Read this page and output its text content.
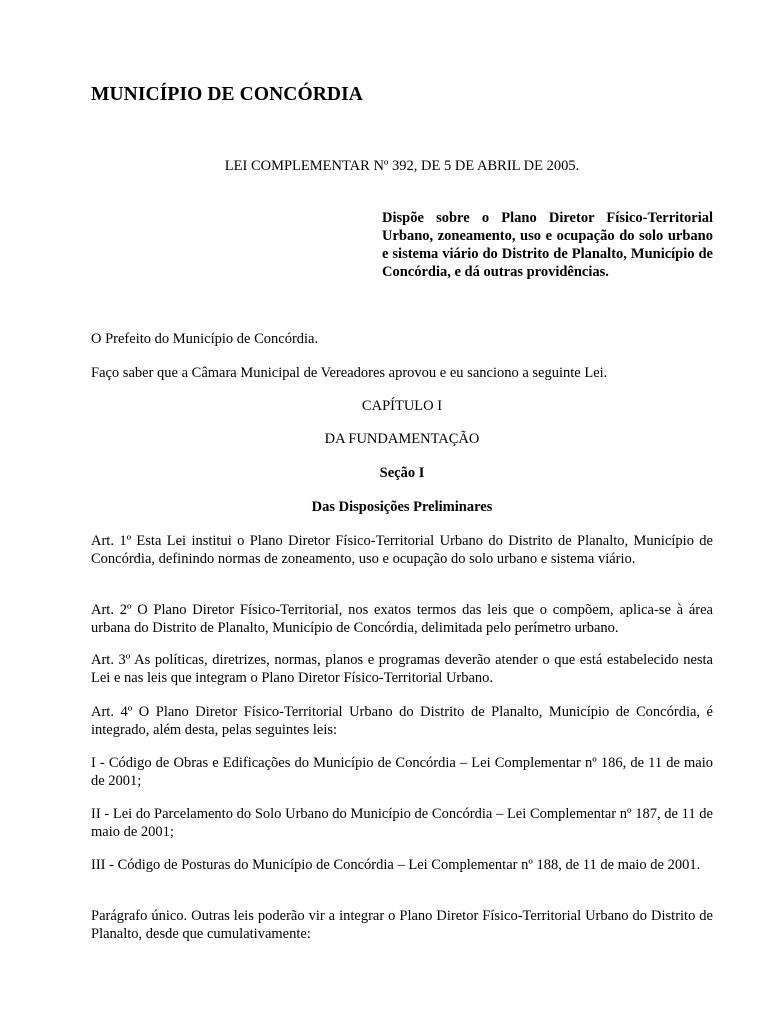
MUNICÍPIO DE CONCÓRDIA
LEI COMPLEMENTAR Nº 392, DE 5 DE ABRIL DE 2005.
Dispõe sobre o Plano Diretor Físico-Territorial Urbano, zoneamento, uso e ocupação do solo urbano e sistema viário do Distrito de Planalto, Município de Concórdia, e dá outras providências.
O Prefeito do Município de Concórdia.
Faço saber que a Câmara Municipal de Vereadores aprovou e eu sanciono a seguinte Lei.
CAPÍTULO I
DA FUNDAMENTAÇÃO
Seção I
Das Disposições Preliminares
Art. 1º Esta Lei institui o Plano Diretor Físico-Territorial Urbano do Distrito de Planalto, Município de Concórdia, definindo normas de zoneamento, uso e ocupação do solo urbano e sistema viário.
Art. 2º O Plano Diretor Físico-Territorial, nos exatos termos das leis que o compõem, aplica-se à área urbana do Distrito de Planalto, Município de Concórdia, delimitada pelo perímetro urbano.
Art. 3º As políticas, diretrizes, normas, planos e programas deverão atender o que está estabelecido nesta Lei e nas leis que integram o Plano Diretor Físico-Territorial Urbano.
Art. 4º O Plano Diretor Físico-Territorial Urbano do Distrito de Planalto, Município de Concórdia, é integrado, além desta, pelas seguintes leis:
I - Código de Obras e Edificações do Município de Concórdia – Lei Complementar nº 186, de 11 de maio de 2001;
II - Lei do Parcelamento do Solo Urbano do Município de Concórdia – Lei Complementar nº 187, de 11 de maio de 2001;
III - Código de Posturas do Município de Concórdia – Lei Complementar nº 188, de 11 de maio de 2001.
Parágrafo único. Outras leis poderão vir a integrar o Plano Diretor Físico-Territorial Urbano do Distrito de Planalto, desde que cumulativamente:
